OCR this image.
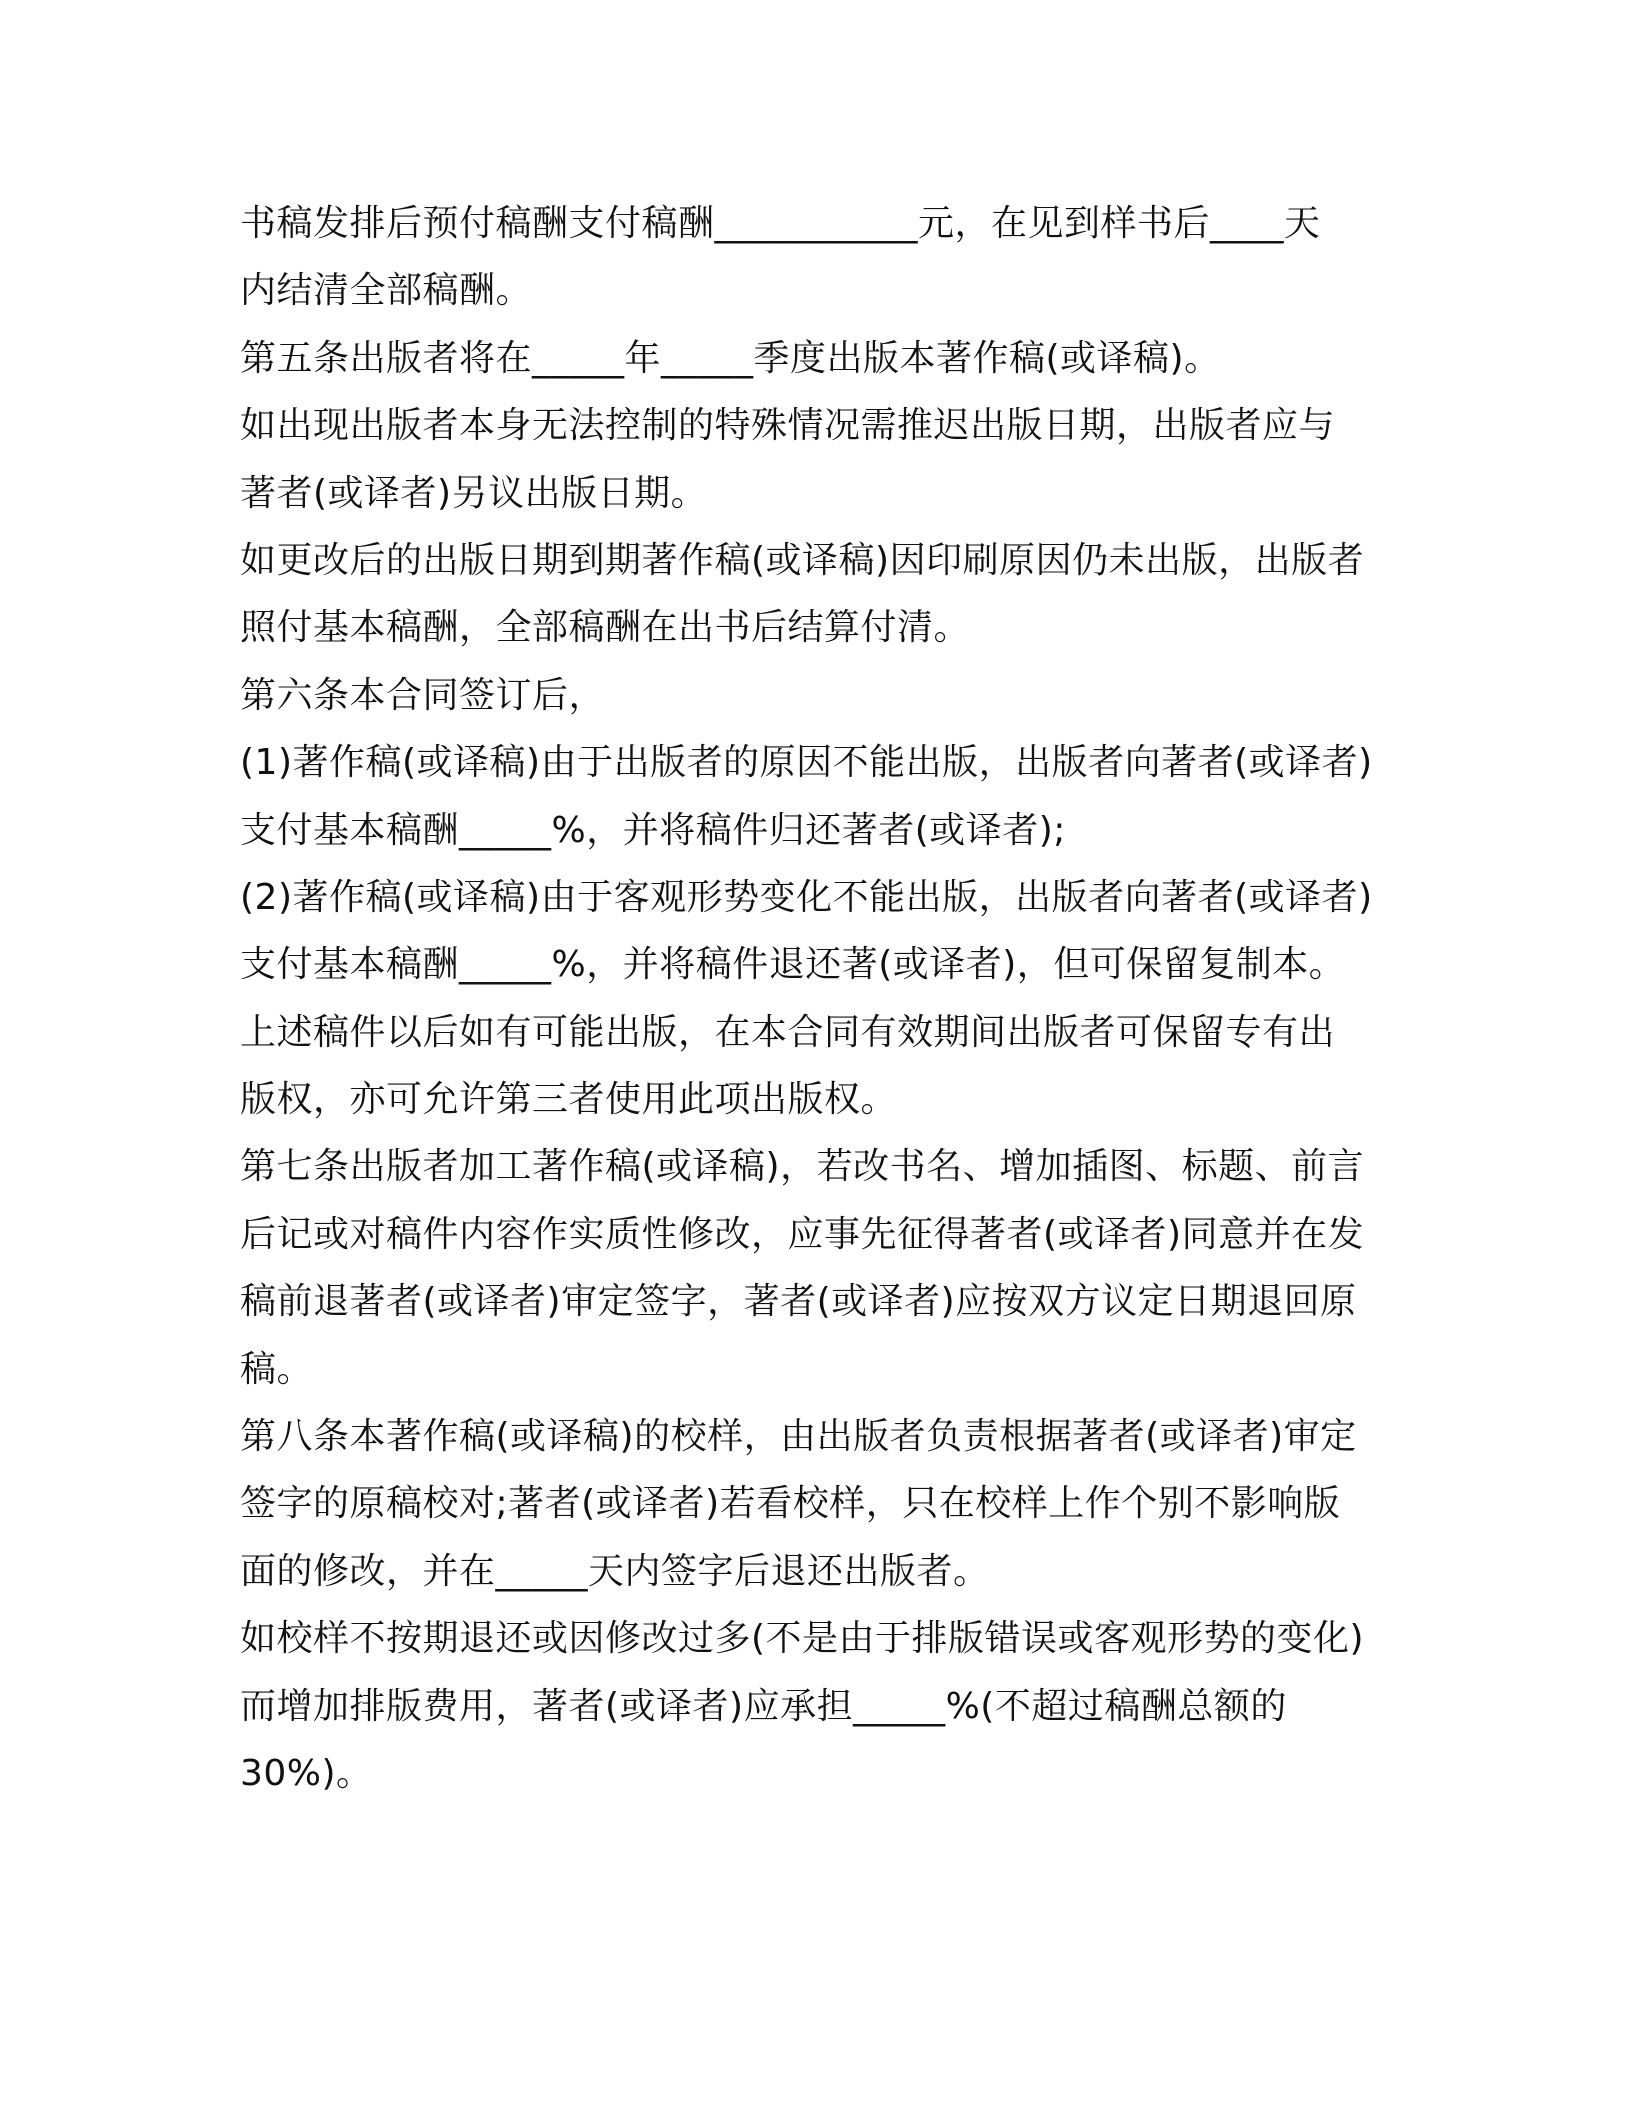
书稿发排后预付稿酬支付稿酬___________元，在见到样书后____天
内结清全部稿酬。
第五条出版者将在_____年_____季度出版本著作稿(或译稿)。
如出现出版者本身无法控制的特殊情况需推迟出版日期，出版者应与
著者(或译者)另议出版日期。
如更改后的出版日期到期著作稿(或译稿)因印刷原因仍未出版，出版者
照付基本稿酬，全部稿酬在出书后结算付清。
第六条本合同签订后，
(1)著作稿(或译稿)由于出版者的原因不能出版，出版者向著者(或译者)
支付基本稿酬_____%，并将稿件归还著者(或译者);
(2)著作稿(或译稿)由于客观形势变化不能出版，出版者向著者(或译者)
支付基本稿酬_____%，并将稿件退还著(或译者)，但可保留复制本。
上述稿件以后如有可能出版，在本合同有效期间出版者可保留专有出
版权，亦可允许第三者使用此项出版权。
第七条出版者加工著作稿(或译稿)，若改书名、增加插图、标题、前言
后记或对稿件内容作实质性修改，应事先征得著者(或译者)同意并在发
稿前退著者(或译者)审定签字，著者(或译者)应按双方议定日期退回原
稿。
第八条本著作稿(或译稿)的校样，由出版者负责根据著者(或译者)审定
签字的原稿校对;著者(或译者)若看校样，只在校样上作个别不影响版
面的修改，并在_____天内签字后退还出版者。
如校样不按期退还或因修改过多(不是由于排版错误或客观形势的变化)
而增加排版费用，著者(或译者)应承担_____%(不超过稿酬总额的
30%)。
